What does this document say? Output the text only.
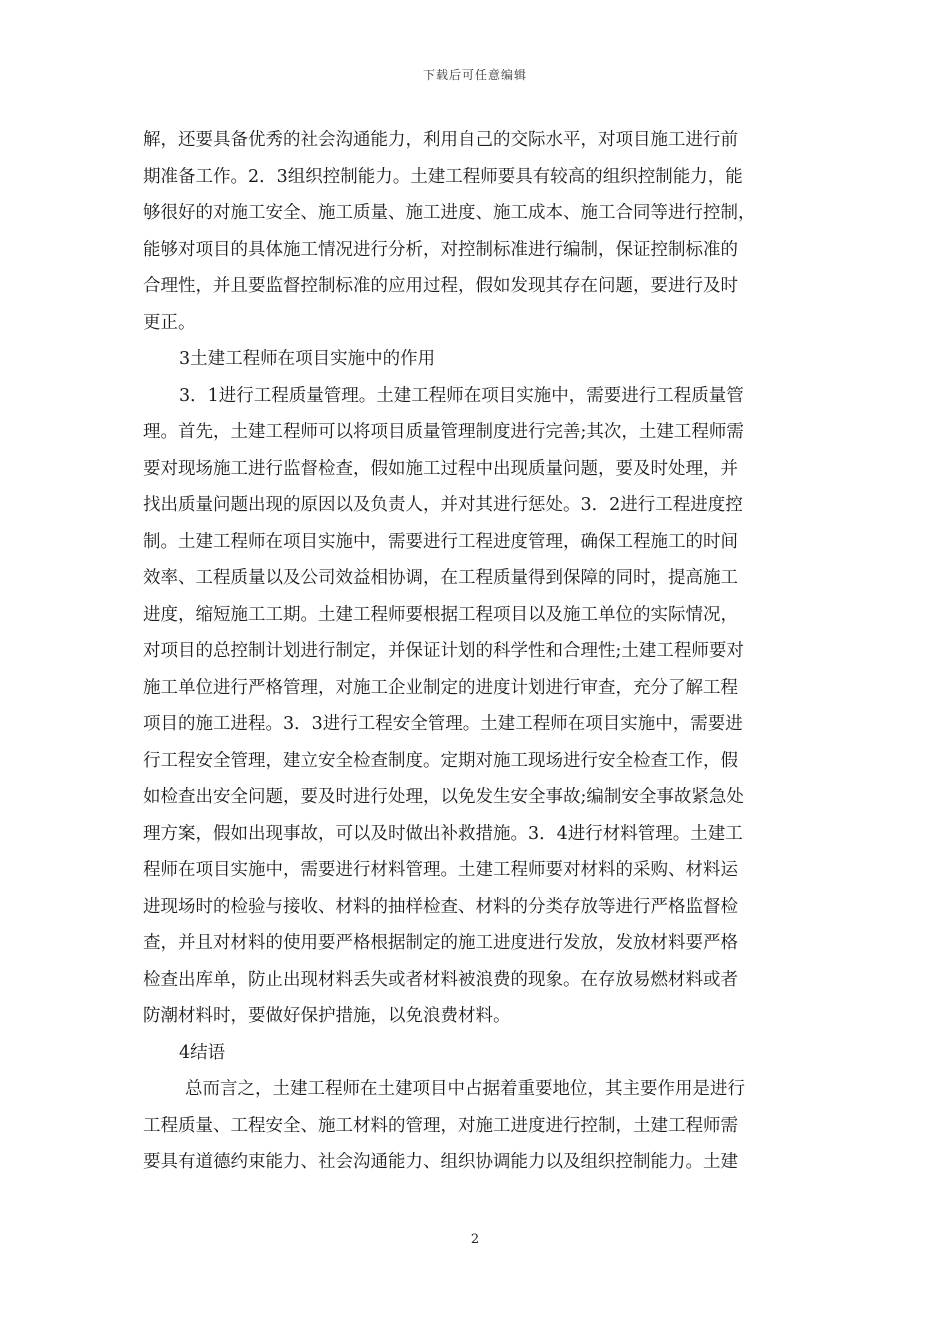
下载后可任意编辑
解，还要具备优秀的社会沟通能力，利用自己的交际水平，对项目施工进行前
期准备工作。2．3组织控制能力。土建工程师要具有较高的组织控制能力，能
够很好的对施工安全、施工质量、施工进度、施工成本、施工合同等进行控制，
能够对项目的具体施工情况进行分析，对控制标准进行编制，保证控制标准的
合理性，并且要监督控制标准的应用过程，假如发现其存在问题，要进行及时
更正。
3土建工程师在项目实施中的作用
3．1进行工程质量管理。土建工程师在项目实施中，需要进行工程质量管
理。首先，土建工程师可以将项目质量管理制度进行完善;其次，土建工程师需
要对现场施工进行监督检查，假如施工过程中出现质量问题，要及时处理，并
找出质量问题出现的原因以及负责人，并对其进行惩处。3．2进行工程进度控
制。土建工程师在项目实施中，需要进行工程进度管理，确保工程施工的时间
效率、工程质量以及公司效益相协调，在工程质量得到保障的同时，提高施工
进度，缩短施工工期。土建工程师要根据工程项目以及施工单位的实际情况，
对项目的总控制计划进行制定，并保证计划的科学性和合理性;土建工程师要对
施工单位进行严格管理，对施工企业制定的进度计划进行审查，充分了解工程
项目的施工进程。3．3进行工程安全管理。土建工程师在项目实施中，需要进
行工程安全管理，建立安全检查制度。定期对施工现场进行安全检查工作，假
如检查出安全问题，要及时进行处理，以免发生安全事故;编制安全事故紧急处
理方案，假如出现事故，可以及时做出补救措施。3．4进行材料管理。土建工
程师在项目实施中，需要进行材料管理。土建工程师要对材料的采购、材料运
进现场时的检验与接收、材料的抽样检查、材料的分类存放等进行严格监督检
查，并且对材料的使用要严格根据制定的施工进度进行发放，发放材料要严格
检查出库单，防止出现材料丢失或者材料被浪费的现象。在存放易燃材料或者
防潮材料时，要做好保护措施，以免浪费材料。
4结语
总而言之，土建工程师在土建项目中占据着重要地位，其主要作用是进行
工程质量、工程安全、施工材料的管理，对施工进度进行控制，土建工程师需
要具有道德约束能力、社会沟通能力、组织协调能力以及组织控制能力。土建
2
